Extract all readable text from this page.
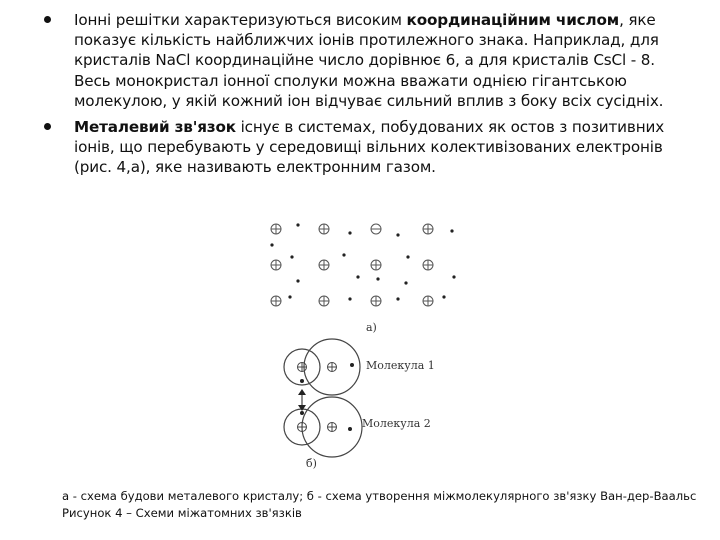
Іонні решітки характеризуються високим координаційним числом, яке показує кількість найближчих іонів протилежного знака. Наприклад, для кристалів NaCl координаційне число дорівнює 6, а для кристалів CsCl - 8. Весь монокристал іонної сполуки можна вважати однією гігантською молекулою, у якій кожний іон відчуває сильний вплив з боку всіх сусідніх.
Металевий зв'язок існує в системах, побудованих як остов з позитивних іонів, що перебувають у середовищі вільних колективізованих електронів (рис. 4,а), яке називають електронним газом.
а)
Молекула 1
Молекула 2
б)
а - схема будови металевого кристалу; б - схема утворення міжмолекулярного зв'язку Ван-дер-Ваальс
Рисунок 4 – Схеми міжатомних зв'язків
